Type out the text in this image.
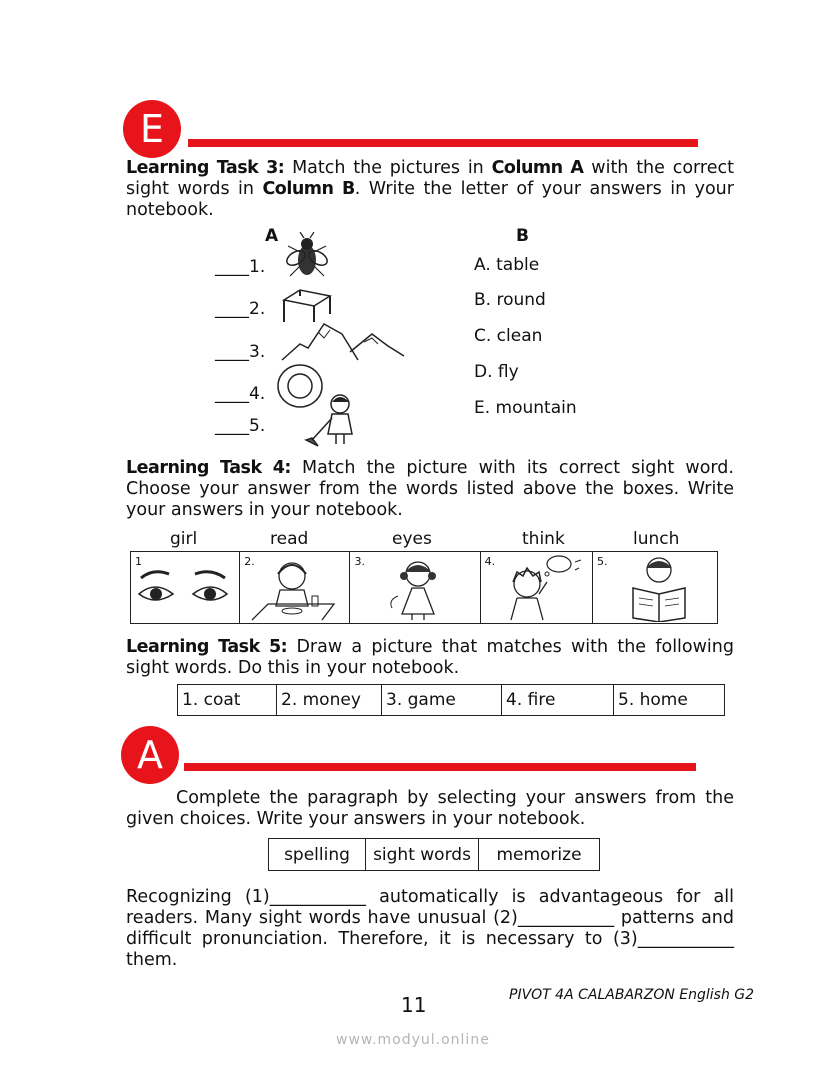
E
Learning Task 3: Match the pictures in Column A with the correct sight words in Column B. Write the letter of your answers in your notebook.
A	B
____1.
____2.
____3.
____4.
____5.
A. table
B. round
C. clean
D. fly
E. mountain
Learning Task 4: Match the picture with its correct sight word. Choose your answer from the words listed above the boxes. Write your answers in your notebook.
girl	read	eyes	think	lunch
1	2.	3.	4.	5.
Learning Task 5: Draw a picture that matches with the following sight words. Do this in your notebook.
1. coat	2. money	3. game	4. fire	5. home
A
Complete the paragraph by selecting your answers from the given choices. Write your answers in your notebook.
spelling	sight words	memorize
Recognizing (1)___________ automatically is advantageous for all readers. Many sight words have unusual (2)___________ patterns and difficult pronunciation. Therefore, it is necessary to (3)___________ them.
11	PIVOT 4A CALABARZON English G2
www.modyul.online
